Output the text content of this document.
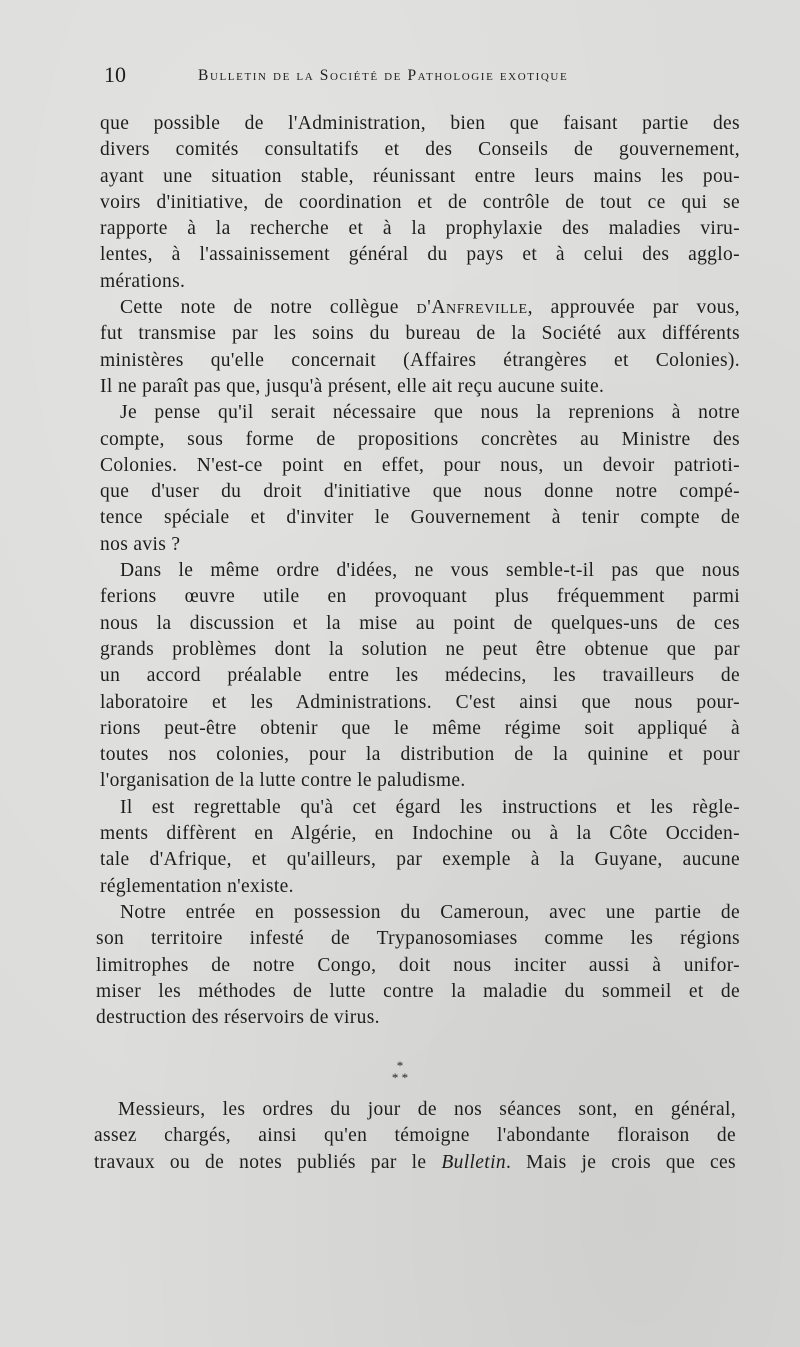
10	Bulletin de la Société de Pathologie exotique
que possible de l'Administration, bien que faisant partie des
divers comités consultatifs et des Conseils de gouvernement,
ayant une situation stable, réunissant entre leurs mains les pou-
voirs d'initiative, de coordination et de contrôle de tout ce qui se
rapporte à la recherche et à la prophylaxie des maladies viru-
lentes, à l'assainissement général du pays et à celui des agglo-
mérations.
Cette note de notre collègue d'Anfreville, approuvée par vous,
fut transmise par les soins du bureau de la Société aux différents
ministères qu'elle concernait (Affaires étrangères et Colonies).
Il ne paraît pas que, jusqu'à présent, elle ait reçu aucune suite.
Je pense qu'il serait nécessaire que nous la reprenions à notre
compte, sous forme de propositions concrètes au Ministre des
Colonies. N'est-ce point en effet, pour nous, un devoir patrioti-
que d'user du droit d'initiative que nous donne notre compé-
tence spéciale et d'inviter le Gouvernement à tenir compte de
nos avis ?
Dans le même ordre d'idées, ne vous semble-t-il pas que nous
ferions œuvre utile en provoquant plus fréquemment parmi
nous la discussion et la mise au point de quelques-uns de ces
grands problèmes dont la solution ne peut être obtenue que par
un accord préalable entre les médecins, les travailleurs de
laboratoire et les Administrations. C'est ainsi que nous pour-
rions peut-être obtenir que le même régime soit appliqué à
toutes nos colonies, pour la distribution de la quinine et pour
l'organisation de la lutte contre le paludisme.
Il est regrettable qu'à cet égard les instructions et les règle-
ments diffèrent en Algérie, en Indochine ou à la Côte Occiden-
tale d'Afrique, et qu'ailleurs, par exemple à la Guyane, aucune
réglementation n'existe.
Notre entrée en possession du Cameroun, avec une partie de
son territoire infesté de Trypanosomiases comme les régions
limitrophes de notre Congo, doit nous inciter aussi à unifor-
miser les méthodes de lutte contre la maladie du sommeil et de
destruction des réservoirs de virus.
*
* *
Messieurs, les ordres du jour de nos séances sont, en général,
assez chargés, ainsi qu'en témoigne l'abondante floraison de
travaux ou de notes publiés par le Bulletin. Mais je crois que ces
